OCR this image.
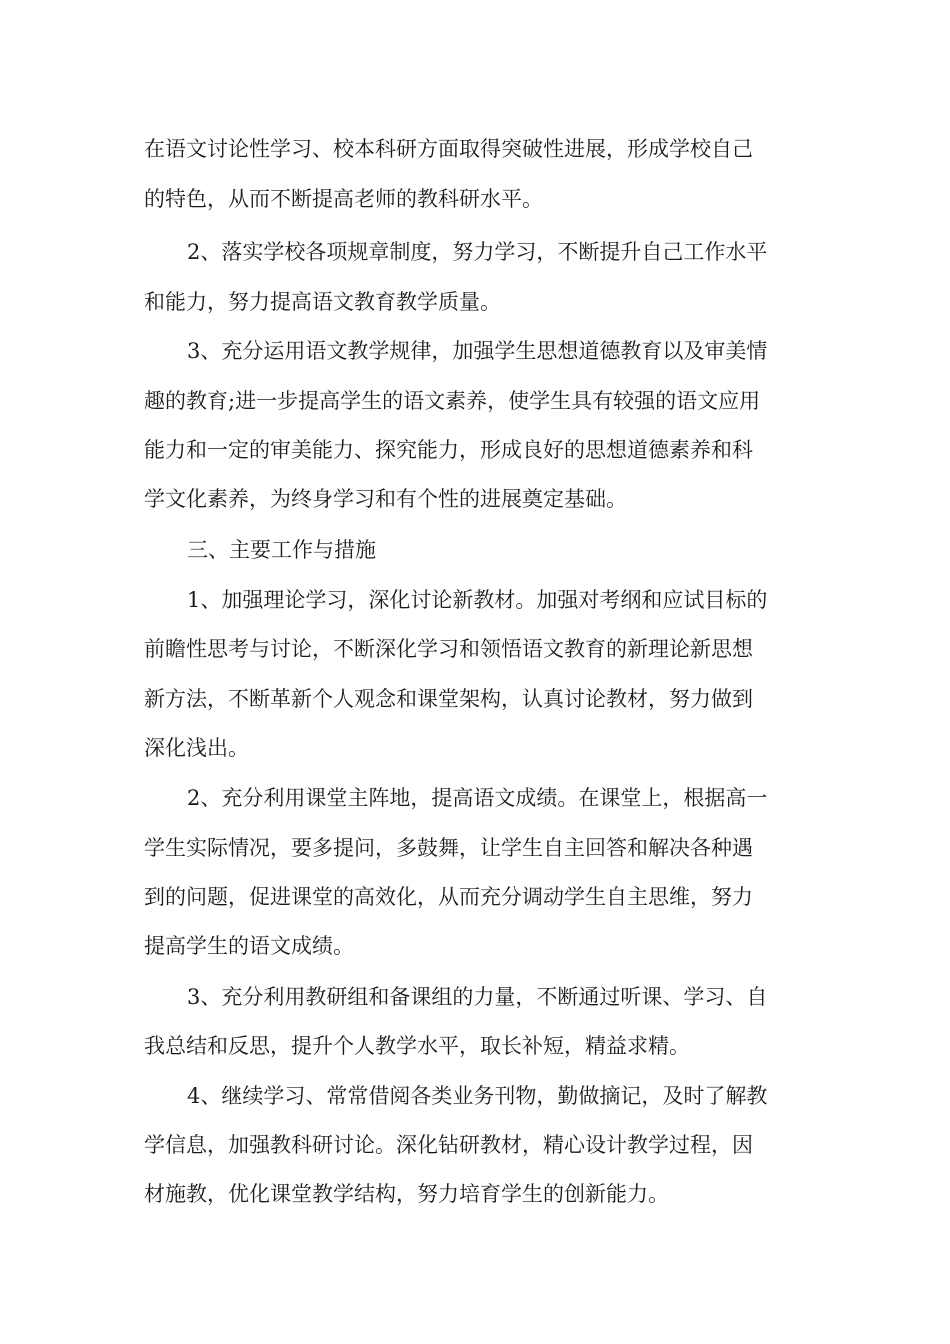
在语文讨论性学习、校本科研方面取得突破性进展，形成学校自己
的特色，从而不断提高老师的教科研水平。
2、落实学校各项规章制度，努力学习，不断提升自己工作水平
和能力，努力提高语文教育教学质量。
3、充分运用语文教学规律，加强学生思想道德教育以及审美情
趣的教育;进一步提高学生的语文素养，使学生具有较强的语文应用
能力和一定的审美能力、探究能力，形成良好的思想道德素养和科
学文化素养，为终身学习和有个性的进展奠定基础。
三、主要工作与措施
1、加强理论学习，深化讨论新教材。加强对考纲和应试目标的
前瞻性思考与讨论，不断深化学习和领悟语文教育的新理论新思想
新方法，不断革新个人观念和课堂架构，认真讨论教材，努力做到
深化浅出。
2、充分利用课堂主阵地，提高语文成绩。在课堂上，根据高一
学生实际情况，要多提问，多鼓舞，让学生自主回答和解决各种遇
到的问题，促进课堂的高效化，从而充分调动学生自主思维，努力
提高学生的语文成绩。
3、充分利用教研组和备课组的力量，不断通过听课、学习、自
我总结和反思，提升个人教学水平，取长补短，精益求精。
4、继续学习、常常借阅各类业务刊物，勤做摘记，及时了解教
学信息，加强教科研讨论。深化钻研教材，精心设计教学过程，因
材施教，优化课堂教学结构，努力培育学生的创新能力。
